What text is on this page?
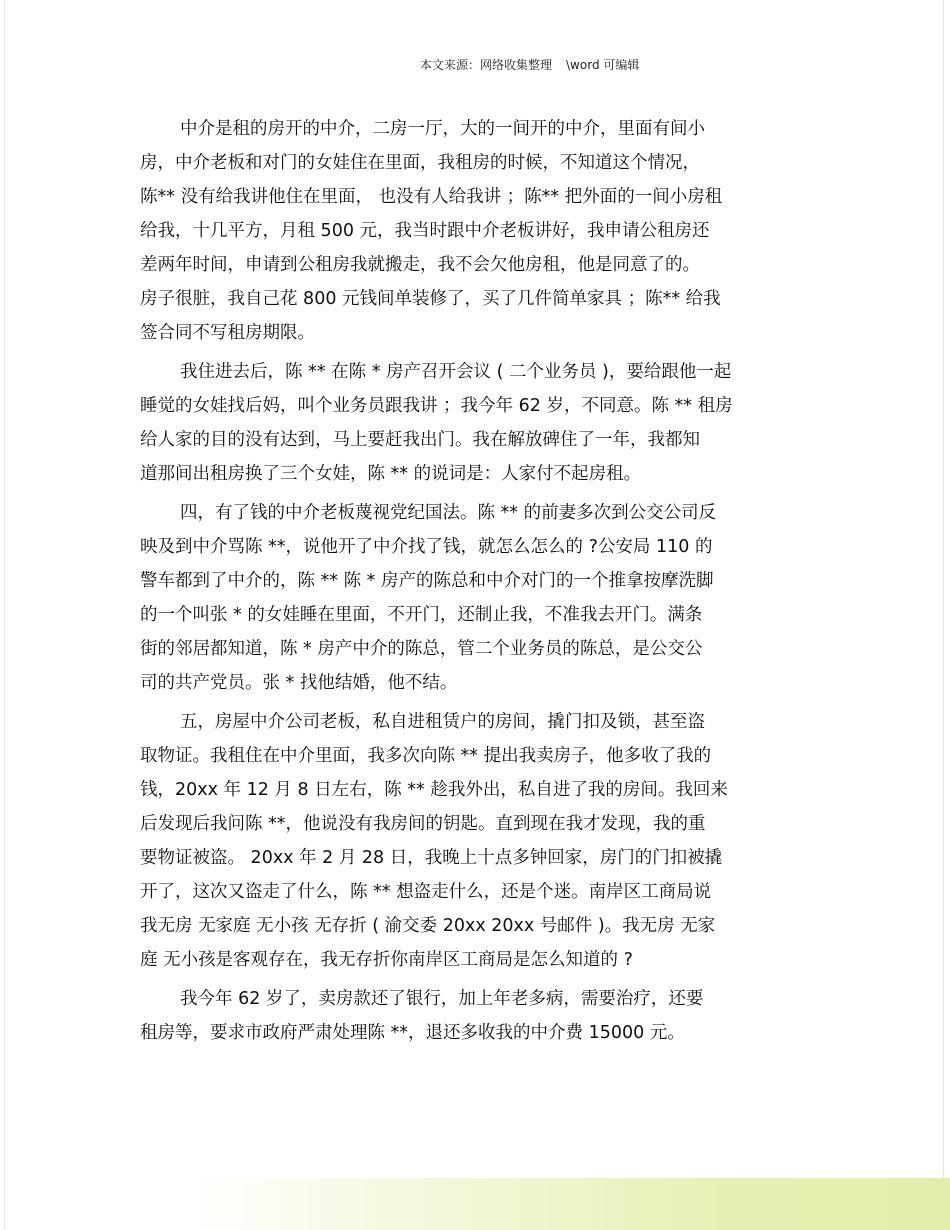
本文来源：网络收集整理 \word 可编辑

中介是租的房开的中介，二房一厅，大的一间开的中介，里面有间小
房，中介老板和对门的女娃住在里面，我租房的时候，不知道这个情况，
陈** 没有给我讲他住在里面， 也没有人给我讲 ；陈** 把外面的一间小房租
给我，十几平方，月租 500 元，我当时跟中介老板讲好，我申请公租房还
差两年时间，申请到公租房我就搬走，我不会欠他房租，他是同意了的。
房子很脏，我自己花 800 元钱间单装修了，买了几件简单家具 ；陈** 给我
签合同不写租房期限。

我住进去后，陈 ** 在陈 * 房产召开会议 ( 二个业务员 )，要给跟他一起
睡觉的女娃找后妈，叫个业务员跟我讲 ；我今年 62 岁，不同意。陈 ** 租房
给人家的目的没有达到，马上要赶我出门。我在解放碑住了一年，我都知
道那间出租房换了三个女娃，陈 ** 的说词是：人家付不起房租。

四，有了钱的中介老板蔑视党纪国法。陈 ** 的前妻多次到公交公司反
映及到中介骂陈 **，说他开了中介找了钱，就怎么怎么的 ?公安局 110 的
警车都到了中介的，陈 ** 陈 * 房产的陈总和中介对门的一个推拿按摩洗脚
的一个叫张 * 的女娃睡在里面，不开门，还制止我，不准我去开门。满条
街的邻居都知道，陈 * 房产中介的陈总，管二个业务员的陈总，是公交公
司的共产党员。张 * 找他结婚，他不结。

五，房屋中介公司老板，私自进租赁户的房间，撬门扣及锁，甚至盗
取物证。我租住在中介里面，我多次向陈 ** 提出我卖房子，他多收了我的
钱，20xx 年 12 月 8 日左右，陈 ** 趁我外出，私自进了我的房间。我回来
后发现后我问陈 **，他说没有我房间的钥匙。直到现在我才发现，我的重
要物证被盗。 20xx 年 2 月 28 日，我晚上十点多钟回家，房门的门扣被撬
开了，这次又盗走了什么，陈 ** 想盗走什么，还是个迷。南岸区工商局说
我无房 无家庭 无小孩 无存折 ( 渝交委 20xx 20xx 号邮件 )。我无房 无家
庭 无小孩是客观存在，我无存折你南岸区工商局是怎么知道的 ?

我今年 62 岁了，卖房款还了银行，加上年老多病，需要治疗，还要
租房等，要求市政府严肃处理陈 **，退还多收我的中介费 15000 元。
